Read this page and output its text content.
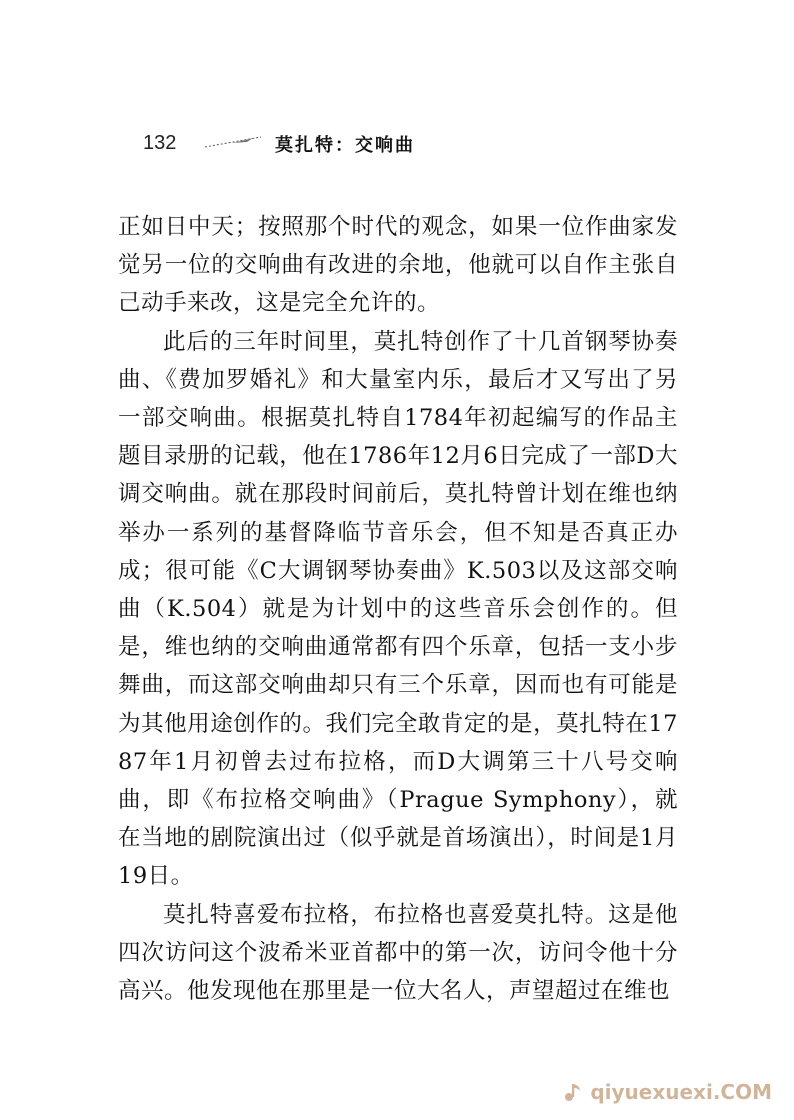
132	莫扎特：交响曲

正如日中天；按照那个时代的观念，如果一位作曲家发觉另一位的交响曲有改进的余地，他就可以自作主张自己动手来改，这是完全允许的。

此后的三年时间里，莫扎特创作了十几首钢琴协奏曲、《费加罗婚礼》和大量室内乐，最后才又写出了另一部交响曲。根据莫扎特自1784年初起编写的作品主题目录册的记载，他在1786年12月6日完成了一部D大调交响曲。就在那段时间前后，莫扎特曾计划在维也纳举办一系列的基督降临节音乐会，但不知是否真正办成；很可能《C大调钢琴协奏曲》K.503以及这部交响曲（K.504）就是为计划中的这些音乐会创作的。但是，维也纳的交响曲通常都有四个乐章，包括一支小步舞曲，而这部交响曲却只有三个乐章，因而也有可能是为其他用途创作的。我们完全敢肯定的是，莫扎特在1787年1月初曾去过布拉格，而D大调第三十八号交响曲，即《布拉格交响曲》（Prague Symphony），就在当地的剧院演出过（似乎就是首场演出），时间是1月19日。

莫扎特喜爱布拉格，布拉格也喜爱莫扎特。这是他四次访问这个波希米亚首都中的第一次，访问令他十分高兴。他发现他在那里是一位大名人，声望超过在维也

qiyuexuexi.COM
